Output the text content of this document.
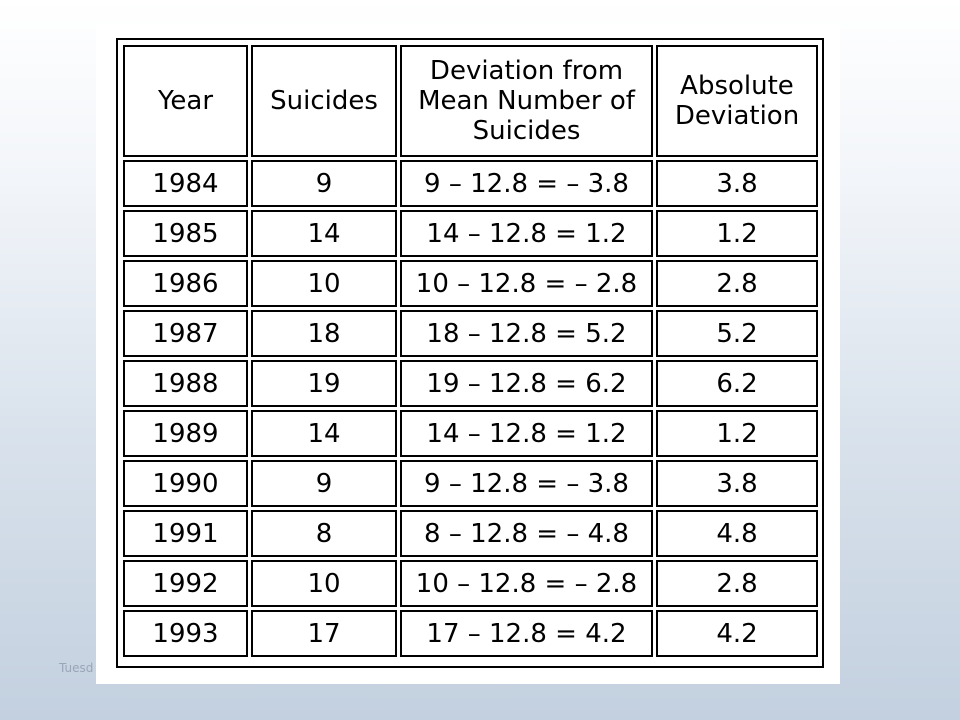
Tuesd
Year	Suicides	Deviation from Mean Number of Suicides	Absolute Deviation
1984	9	9 – 12.8 = – 3.8	3.8
1985	14	14 – 12.8 = 1.2	1.2
1986	10	10 – 12.8 = – 2.8	2.8
1987	18	18 – 12.8 = 5.2	5.2
1988	19	19 – 12.8 = 6.2	6.2
1989	14	14 – 12.8 = 1.2	1.2
1990	9	9 – 12.8 = – 3.8	3.8
1991	8	8 – 12.8 = – 4.8	4.8
1992	10	10 – 12.8 = – 2.8	2.8
1993	17	17 – 12.8 = 4.2	4.2
